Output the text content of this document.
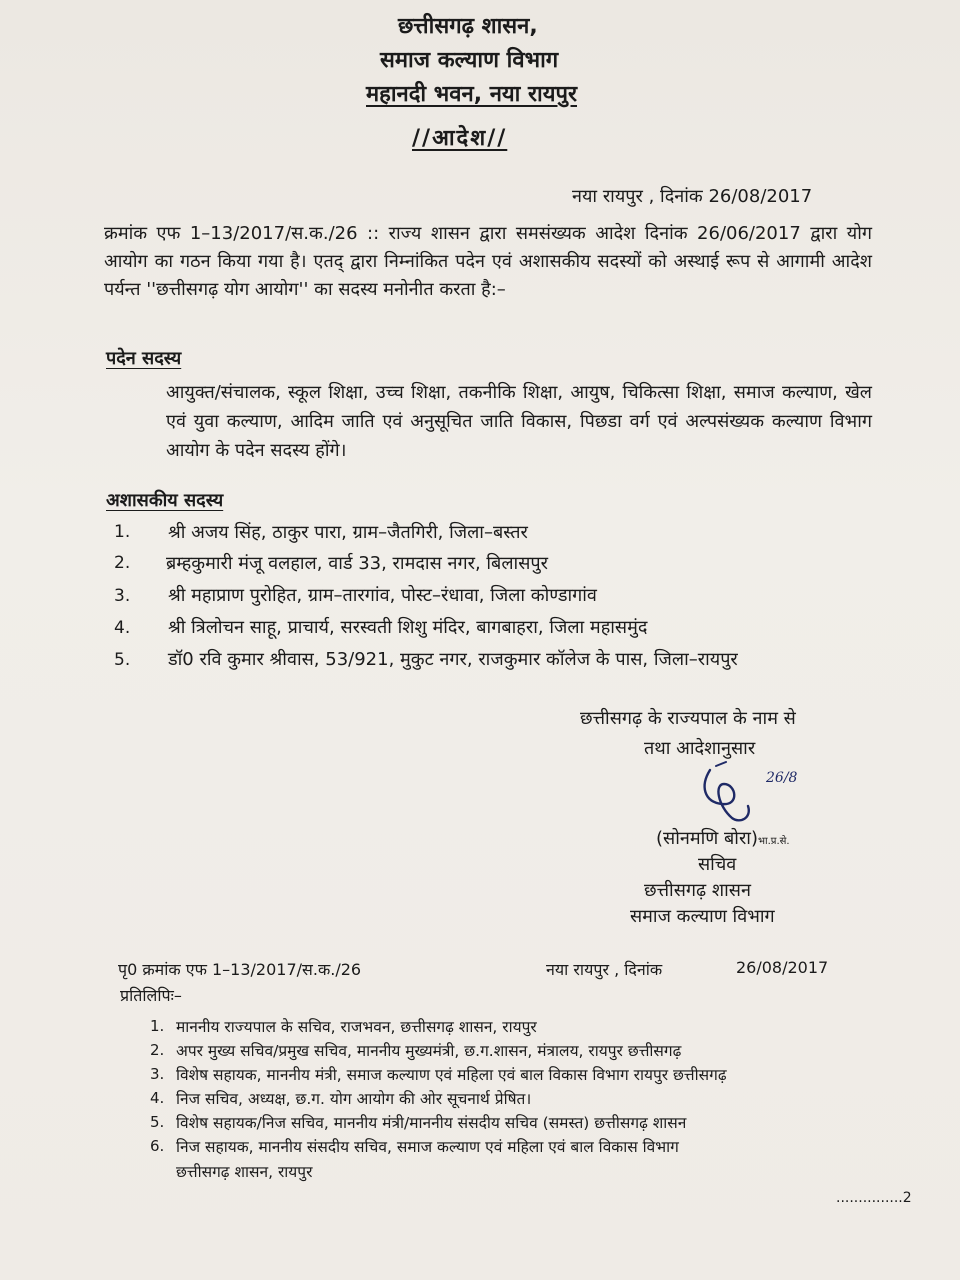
छत्तीसगढ़ शासन,
समाज कल्याण विभाग
महानदी भवन, नया रायपुर
//आदेश//
नया रायपुर , दिनांक 26/08/2017
क्रमांक एफ 1–13/2017/स.क./26 :: राज्य शासन द्वारा समसंख्यक आदेश दिनांक 26/06/2017 द्वारा योग आयोग का गठन किया गया है। एतद् द्वारा निम्नांकित पदेन एवं अशासकीय सदस्यों को अस्थाई रूप से आगामी आदेश पर्यन्त ''छत्तीसगढ़ योग आयोग'' का सदस्य मनोनीत करता है:–
पदेन सदस्य
आयुक्त/संचालक, स्कूल शिक्षा, उच्च शिक्षा, तकनीकि शिक्षा, आयुष, चिकित्सा शिक्षा, समाज कल्याण, खेल एवं युवा कल्याण, आदिम जाति एवं अनुसूचित जाति विकास, पिछडा वर्ग एवं अल्पसंख्यक कल्याण विभाग आयोग के पदेन सदस्य होंगे।
अशासकीय सदस्य
1. श्री अजय सिंह, ठाकुर पारा, ग्राम–जैतगिरी, जिला–बस्तर
2. ब्रम्हकुमारी मंजू वलहाल, वार्ड 33, रामदास नगर, बिलासपुर
3. श्री महाप्राण पुरोहित, ग्राम–तारगांव, पोस्ट–रंधावा, जिला कोण्डागांव
4. श्री त्रिलोचन साहू, प्राचार्य, सरस्वती शिशु मंदिर, बागबाहरा, जिला महासमुंद
5. डॉ0 रवि कुमार श्रीवास, 53/921, मुकुट नगर, राजकुमार कॉलेज के पास, जिला–रायपुर
छत्तीसगढ़ के राज्यपाल के नाम से
तथा आदेशानुसार
26/8
(सोनमणि बोरा)भा.प्र.से.
सचिव
छत्तीसगढ़ शासन
समाज कल्याण विभाग
पृ0 क्रमांक एफ 1–13/2017/स.क./26	नया रायपुर , दिनांक	26/08/2017
प्रतिलिपिः–
1. माननीय राज्यपाल के सचिव, राजभवन, छत्तीसगढ़ शासन, रायपुर
2. अपर मुख्य सचिव/प्रमुख सचिव, माननीय मुख्यमंत्री, छ.ग.शासन, मंत्रालय, रायपुर छत्तीसगढ़
3. विशेष सहायक, माननीय मंत्री, समाज कल्याण एवं महिला एवं बाल विकास विभाग रायपुर छत्तीसगढ़
4. निज सचिव, अध्यक्ष, छ.ग. योग आयोग की ओर सूचनार्थ प्रेषित।
5. विशेष सहायक/निज सचिव, माननीय मंत्री/माननीय संसदीय सचिव (समस्त) छत्तीसगढ़ शासन
6. निज सहायक, माननीय संसदीय सचिव, समाज कल्याण एवं महिला एवं बाल विकास विभाग
छत्तीसगढ़ शासन, रायपुर
...............2
